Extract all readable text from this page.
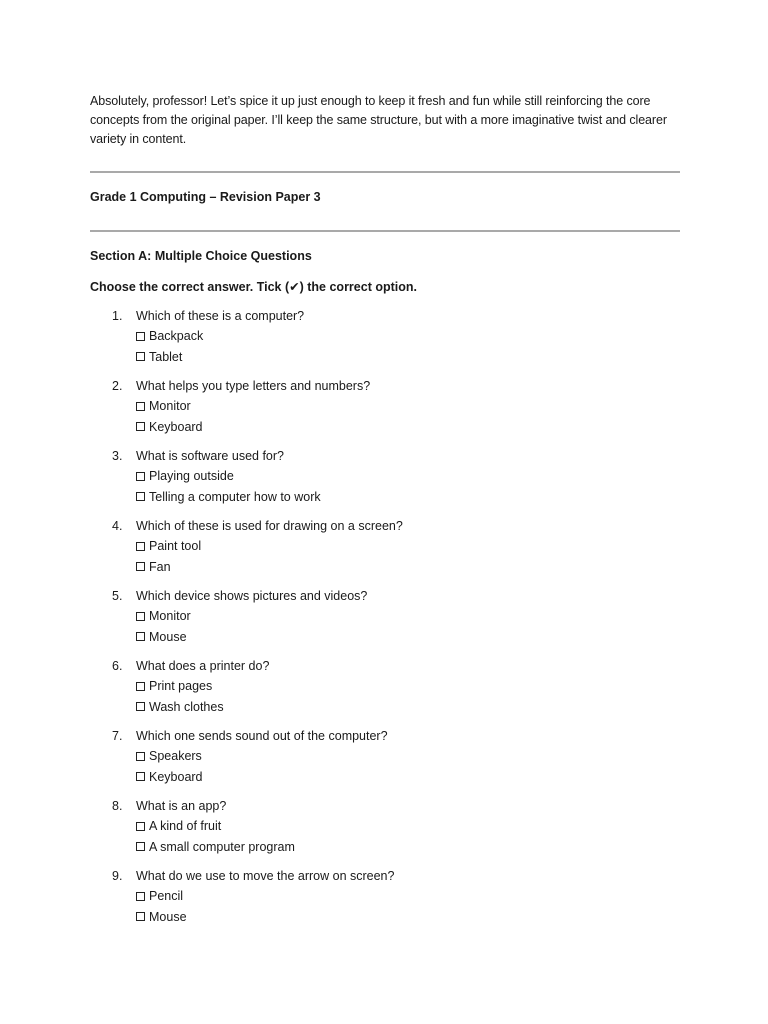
Absolutely, professor! Let’s spice it up just enough to keep it fresh and fun while still reinforcing the core concepts from the original paper. I’ll keep the same structure, but with a more imaginative twist and clearer variety in content.

Grade 1 Computing – Revision Paper 3

Section A: Multiple Choice Questions

Choose the correct answer. Tick (✔) the correct option.

1. Which of these is a computer?
Backpack
Tablet
2. What helps you type letters and numbers?
Monitor
Keyboard
3. What is software used for?
Playing outside
Telling a computer how to work
4. Which of these is used for drawing on a screen?
Paint tool
Fan
5. Which device shows pictures and videos?
Monitor
Mouse
6. What does a printer do?
Print pages
Wash clothes
7. Which one sends sound out of the computer?
Speakers
Keyboard
8. What is an app?
A kind of fruit
A small computer program
9. What do we use to move the arrow on screen?
Pencil
Mouse
